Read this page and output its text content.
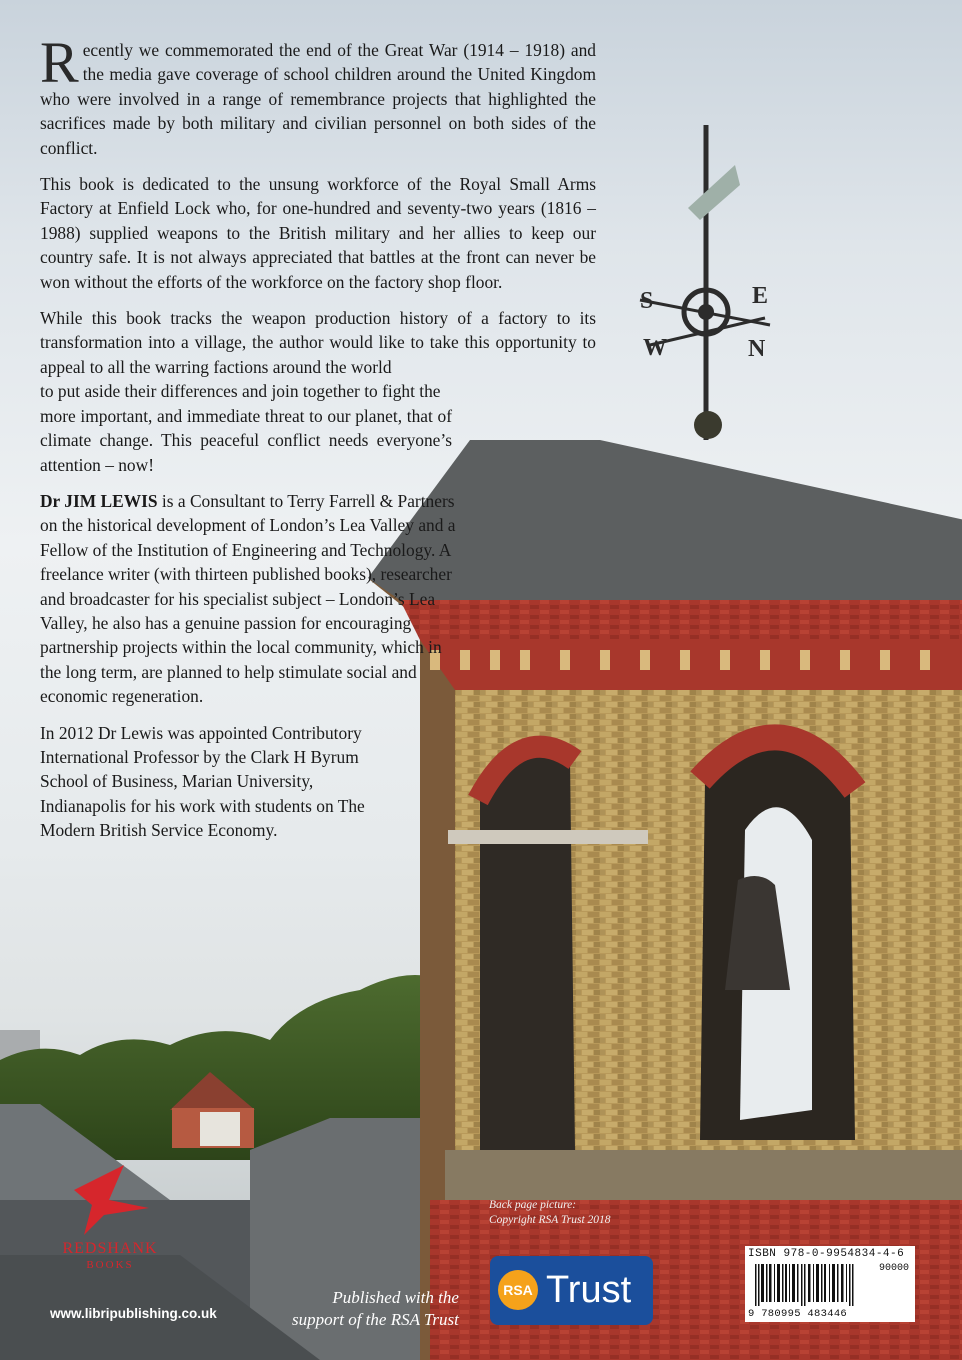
S	E
W	N

Recently we commemorated the end of the Great War (1914 – 1918) and the media gave coverage of school children around the United Kingdom who were involved in a range of remembrance projects that highlighted the sacrifices made by both military and civilian personnel on both sides of the conflict.

This book is dedicated to the unsung workforce of the Royal Small Arms Factory at Enfield Lock who, for one-hundred and seventy-two years (1816 – 1988) supplied weapons to the British military and her allies to keep our country safe. It is not always appreciated that battles at the front can never be won without the efforts of the workforce on the factory shop floor.

While this book tracks the weapon production history of a factory to its transformation into a village, the author would like to take this opportunity to appeal to all the warring factions around the world
to put aside their differences and join together to fight the
more important, and immediate threat to our planet, that of climate change. This peaceful conflict needs everyone’s attention – now!

Dr JIM LEWIS is a Consultant to Terry Farrell & Partners on the historical development of London’s Lea Valley and a Fellow of the Institution of Engineering and Technology. A freelance writer (with thirteen published books), researcher and broadcaster for his specialist subject – London’s Lea Valley, he also has a genuine passion for encouraging partnership projects within the local community, which in the long term, are planned to help stimulate social and economic regeneration.

In 2012 Dr Lewis was appointed Contributory International Professor by the Clark H Byrum School of Business, Marian University, Indianapolis for his work with students on The Modern British Service Economy.

Back page picture:
Copyright RSA Trust 2018
REDSHANK
BOOKS
www.libripublishing.co.uk
Published with the
support of the RSA Trust
RSA Trust
ISBN 978-0-9954834-4-6
90000
9 780995 483446
